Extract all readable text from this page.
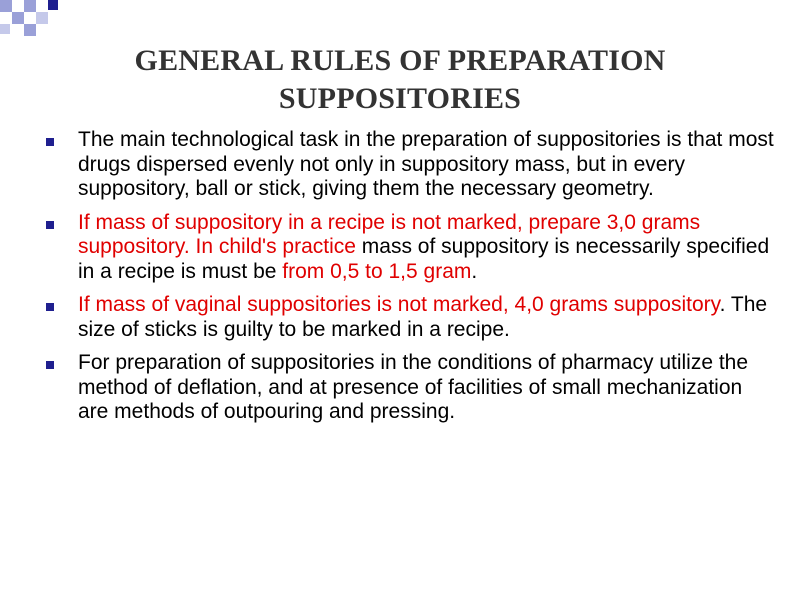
GENERAL RULES OF PREPARATION
SUPPOSITORIES
The main technological task in the preparation of suppositories is that most drugs dispersed evenly not only in suppository mass, but in every suppository, ball or stick, giving them the necessary geometry.
If mass of suppository in a recipe is not marked, prepare 3,0 grams suppository. In child's practice mass of suppository is necessarily specified in a recipe is must be from 0,5 to 1,5 gram.
If mass of vaginal suppositories is not marked, 4,0 grams suppository. The size of sticks is guilty to be marked in a recipe.
For preparation of suppositories in the conditions of pharmacy utilize the method of deflation, and at presence of facilities of small mechanization are methods of outpouring and pressing.
